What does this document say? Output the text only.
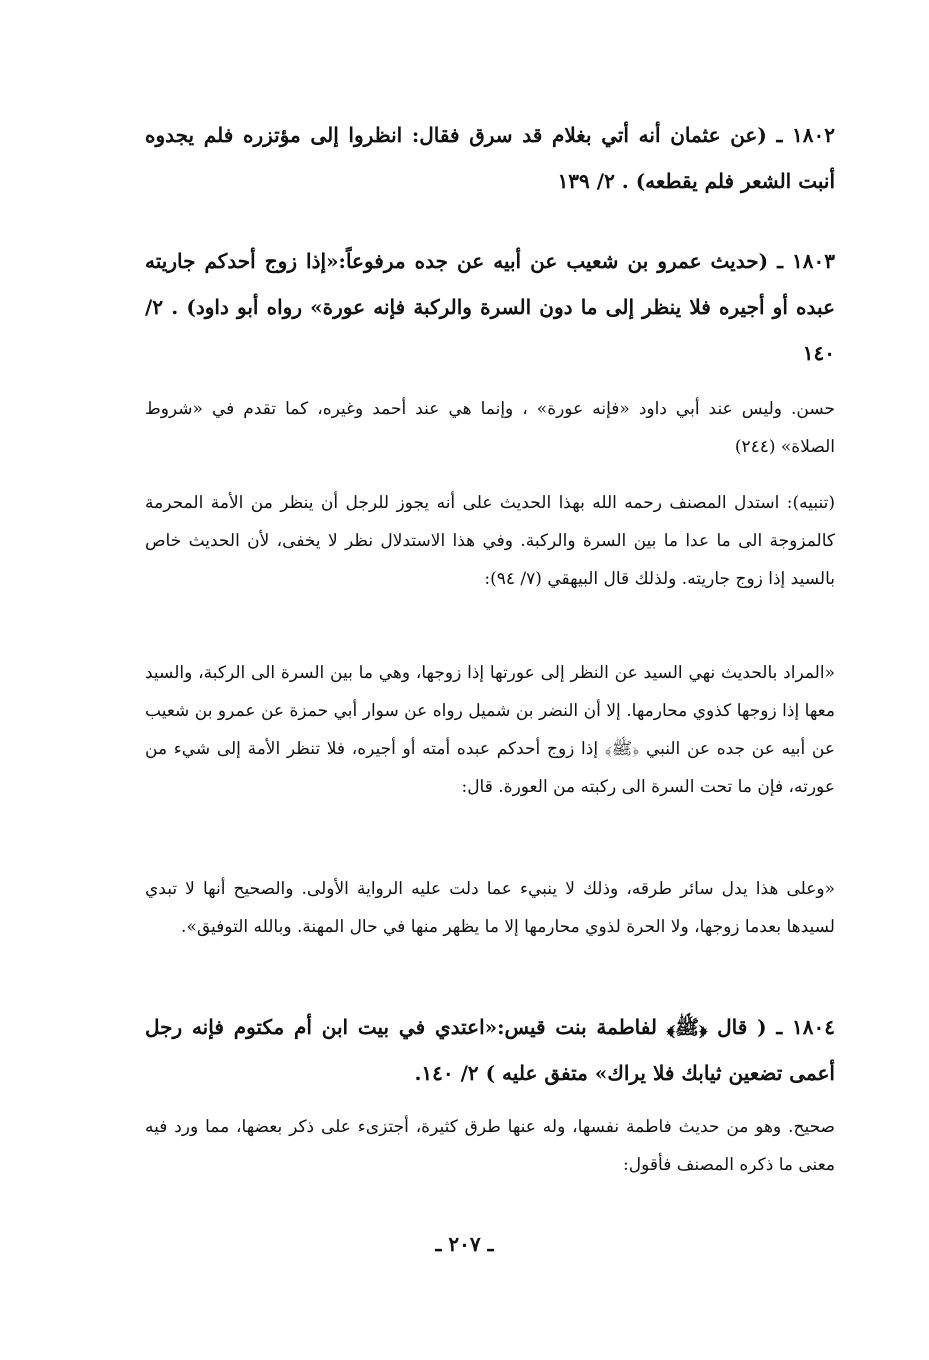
١٨٠٢ ـ (عن عثمان أنه أتي بغلام قد سرق فقال: انظروا إلى مؤتزره فلم يجدوه أنبت الشعر فلم يقطعه) . ٢/ ١٣٩
١٨٠٣ ـ (حديث عمرو بن شعيب عن أبيه عن جده مرفوعاً:«إذا زوج أحدكم جاريته عبده أو أجيره فلا ينظر إلى ما دون السرة والركبة فإنه عورة» رواه أبو داود) . ٢/ ١٤٠
حسن. وليس عند أبي داود «فإنه عورة» ، وإنما هي عند أحمد وغيره، كما تقدم في «شروط الصلاة» (٢٤٤)
(تنبيه): استدل المصنف رحمه الله بهذا الحديث على أنه يجوز للرجل أن ينظر من الأمة المحرمة كالمزوجة الى ما عدا ما بين السرة والركبة. وفي هذا الاستدلال نظر لا يخفى، لأن الحديث خاص بالسيد إذا زوج جاريته. ولذلك قال البيهقي (٧/ ٩٤):
«المراد بالحديث نهي السيد عن النظر إلى عورتها إذا زوجها، وهي ما بين السرة الى الركبة، والسيد معها إذا زوجها كذوي محارمها. إلا أن النضر بن شميل رواه عن سوار أبي حمزة عن عمرو بن شعيب عن أبيه عن جده عن النبي ﴿ﷺ﴾ إذا زوج أحدكم عبده أمته أو أجيره، فلا تنظر الأمة إلى شيء من عورته، فإن ما تحت السرة الى ركبته من العورة. قال:
«وعلى هذا يدل سائر طرقه، وذلك لا ينبيء عما دلت عليه الرواية الأولى. والصحيح أنها لا تبدي لسيدها بعدما زوجها، ولا الحرة لذوي محارمها إلا ما يظهر منها في حال المهنة. وبالله التوفيق».
١٨٠٤ ـ ( قال ﴿ﷺ﴾ لفاطمة بنت قيس:«اعتدي في بيت ابن أم مكتوم فإنه رجل أعمى تضعين ثيابك فلا يراك» متفق عليه ) ٢/ ١٤٠.
صحيح. وهو من حديث فاطمة نفسها، وله عنها طرق كثيرة، أجتزىء على ذكر بعضها، مما ورد فيه معنى ما ذكره المصنف فأقول:
ـ ٢٠٧ ـ
